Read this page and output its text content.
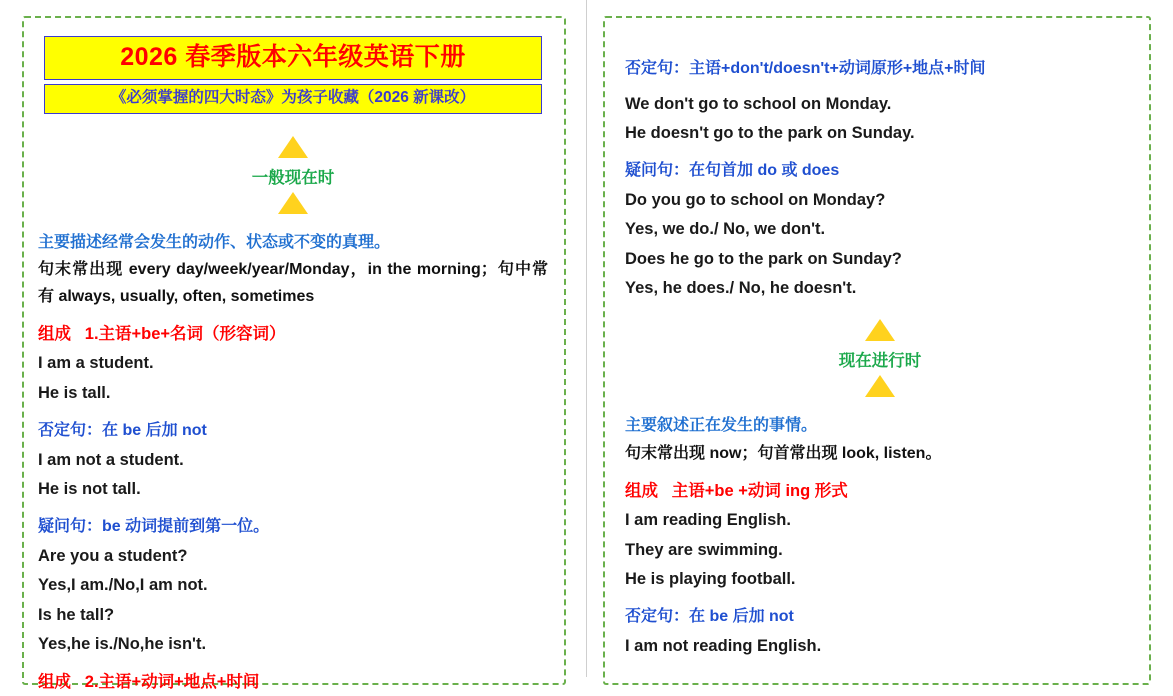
2026 春季版本六年级英语下册
《必须掌握的四大时态》为孩子收藏（2026 新课改）
一般现在时
主要描述经常会发生的动作、状态或不变的真理。
句末常出现 every day/week/year/Monday，in the morning；句中常有 always, usually, often, sometimes
组成 1.主语+be+名词（形容词）
I am a student.
He is tall.
否定句：在 be 后加 not
I am not a student.
He is not tall.
疑问句：be 动词提前到第一位。
Are you a student?
Yes,I am./No,I am not.
Is he tall?
Yes,he is./No,he isn't.
组成 2.主语+动词+地点+时间
否定句：主语+don't/doesn't+动词原形+地点+时间
We don't go to school on Monday.
He doesn't go to the park on Sunday.
疑问句：在句首加 do 或 does
Do you go to school on Monday?
Yes, we do./ No, we don't.
Does he go to the park on Sunday?
Yes, he does./ No, he doesn't.
现在进行时
主要叙述正在发生的事情。
句末常出现 now；句首常出现 look, listen。
组成 主语+be +动词 ing 形式
I am reading English.
They are swimming.
He is playing football.
否定句：在 be 后加 not
I am not reading English.
